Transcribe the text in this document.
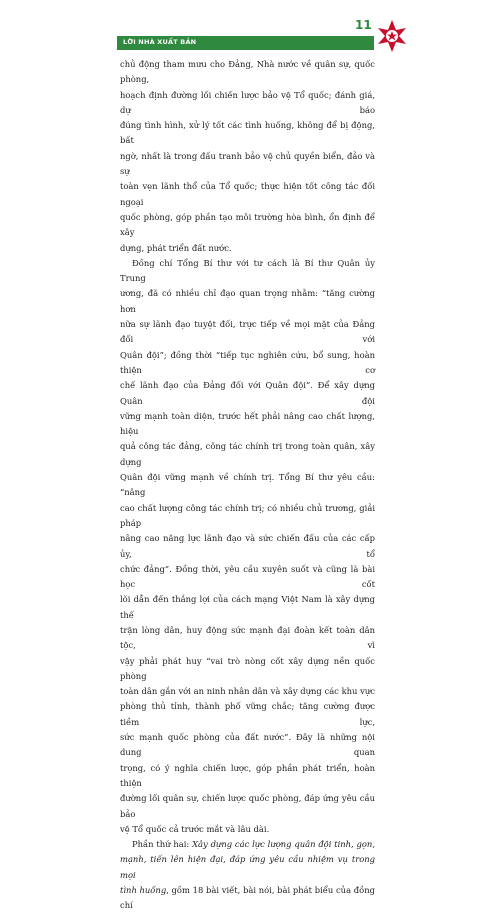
LỜI NHÀ XUẤT BẢN
11

chủ động tham mưu cho Đảng, Nhà nước về quân sự, quốc phòng,

hoạch định đường lối chiến lược bảo vệ Tổ quốc; đánh giá, dự báo

đúng tình hình, xử lý tốt các tình huống, không để bị động, bất

ngờ, nhất là trong đấu tranh bảo vệ chủ quyền biển, đảo và sự

toàn vẹn lãnh thổ của Tổ quốc; thực hiện tốt công tác đối ngoại

quốc phòng, góp phần tạo môi trường hòa bình, ổn định để xây

dựng, phát triển đất nước.

Đồng chí Tổng Bí thư với tư cách là Bí thư Quân ủy Trung

ương, đã có nhiều chỉ đạo quan trọng nhằm: “tăng cường hơn

nữa sự lãnh đạo tuyệt đối, trực tiếp về mọi mặt của Đảng đối với

Quân đội”; đồng thời “tiếp tục nghiên cứu, bổ sung, hoàn thiện cơ

chế lãnh đạo của Đảng đối với Quân đội”. Để xây dựng Quân đội

vững mạnh toàn diện, trước hết phải nâng cao chất lượng, hiệu

quả công tác đảng, công tác chính trị trong toàn quân, xây dựng

Quân đội vững mạnh về chính trị. Tổng Bí thư yêu cầu: “nâng

cao chất lượng công tác chính trị; có nhiều chủ trương, giải pháp

nâng cao năng lực lãnh đạo và sức chiến đấu của các cấp ủy, tổ

chức đảng”. Đồng thời, yêu cầu xuyên suốt và cũng là bài học cốt

lõi dẫn đến thắng lợi của cách mạng Việt Nam là xây dựng thế

trận lòng dân, huy động sức mạnh đại đoàn kết toàn dân tộc, vì

vậy phải phát huy “vai trò nòng cốt xây dựng nền quốc phòng

toàn dân gắn với an ninh nhân dân và xây dựng các khu vực

phòng thủ tỉnh, thành phố vững chắc; tăng cường được tiềm lực,

sức mạnh quốc phòng của đất nước”. Đây là những nội dung quan

trọng, có ý nghĩa chiến lược, góp phần phát triển, hoàn thiện

đường lối quân sự, chiến lược quốc phòng, đáp ứng yêu cầu bảo

vệ Tổ quốc cả trước mắt và lâu dài.

Phần thứ hai: Xây dựng các lực lượng quân đội tinh, gọn,

mạnh, tiến lên hiện đại, đáp ứng yêu cầu nhiệm vụ trong mọi

tình huống, gồm 18 bài viết, bài nói, bài phát biểu của đồng chí
